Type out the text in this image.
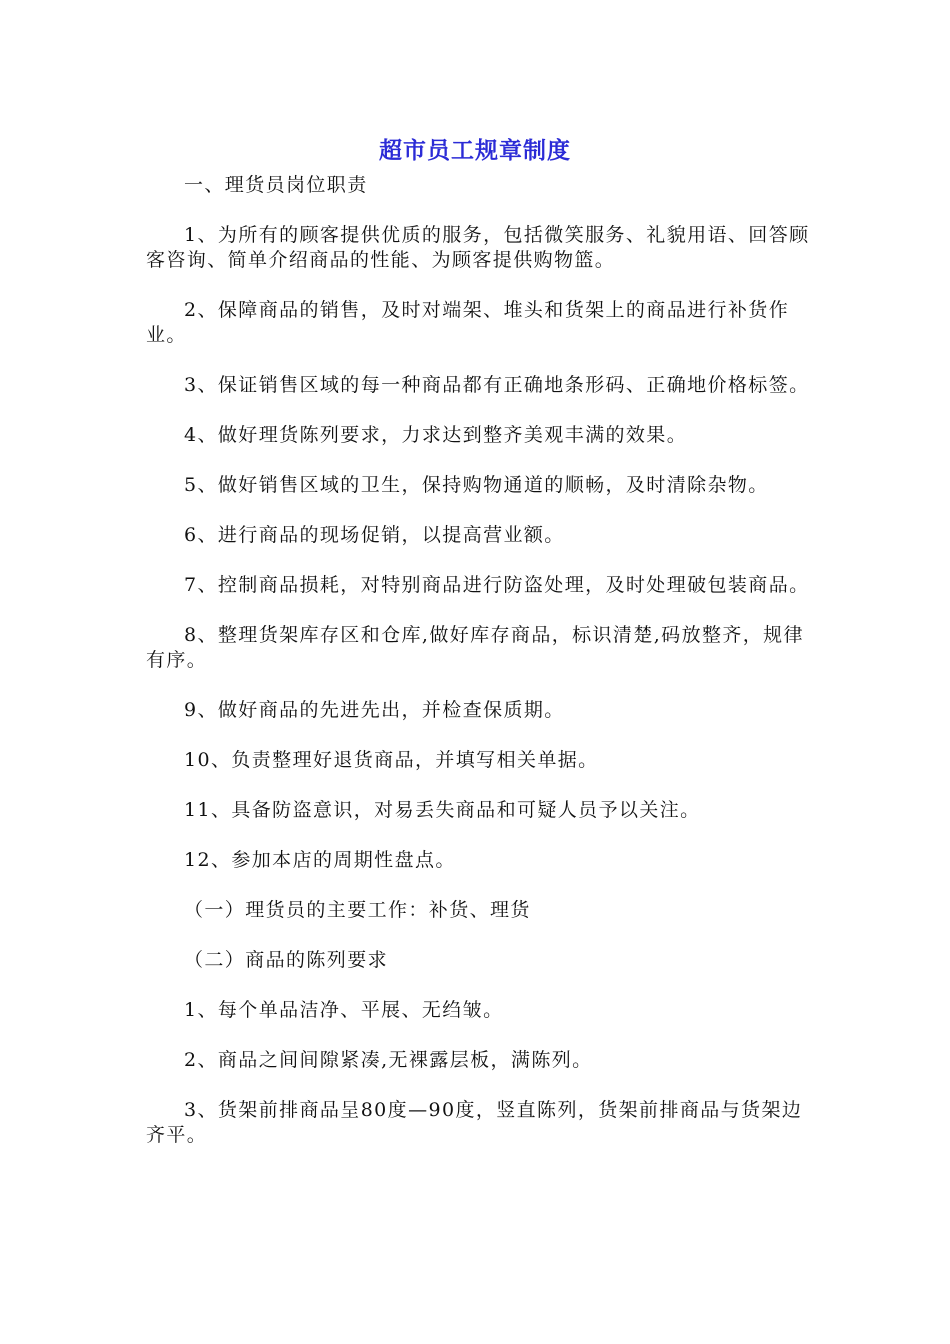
超市员工规章制度

一、理货员岗位职责

1、为所有的顾客提供优质的服务，包括微笑服务、礼貌用语、回答顾客咨询、简单介绍商品的性能、为顾客提供购物篮。

2、保障商品的销售，及时对端架、堆头和货架上的商品进行补货作业。

3、保证销售区域的每一种商品都有正确地条形码、正确地价格标签。

4、做好理货陈列要求，力求达到整齐美观丰满的效果。

5、做好销售区域的卫生，保持购物通道的顺畅，及时清除杂物。

6、进行商品的现场促销，以提高营业额。

7、控制商品损耗，对特别商品进行防盗处理，及时处理破包装商品。

8、整理货架库存区和仓库,做好库存商品，标识清楚,码放整齐，规律有序。

9、做好商品的先进先出，并检查保质期。

10、负责整理好退货商品，并填写相关单据。

11、具备防盗意识，对易丢失商品和可疑人员予以关注。

12、参加本店的周期性盘点。

（一）理货员的主要工作：补货、理货

（二）商品的陈列要求

1、每个单品洁净、平展、无绉皱。

2、商品之间间隙紧凑,无裸露层板，满陈列。

3、货架前排商品呈80度—90度，竖直陈列，货架前排商品与货架边齐平。
